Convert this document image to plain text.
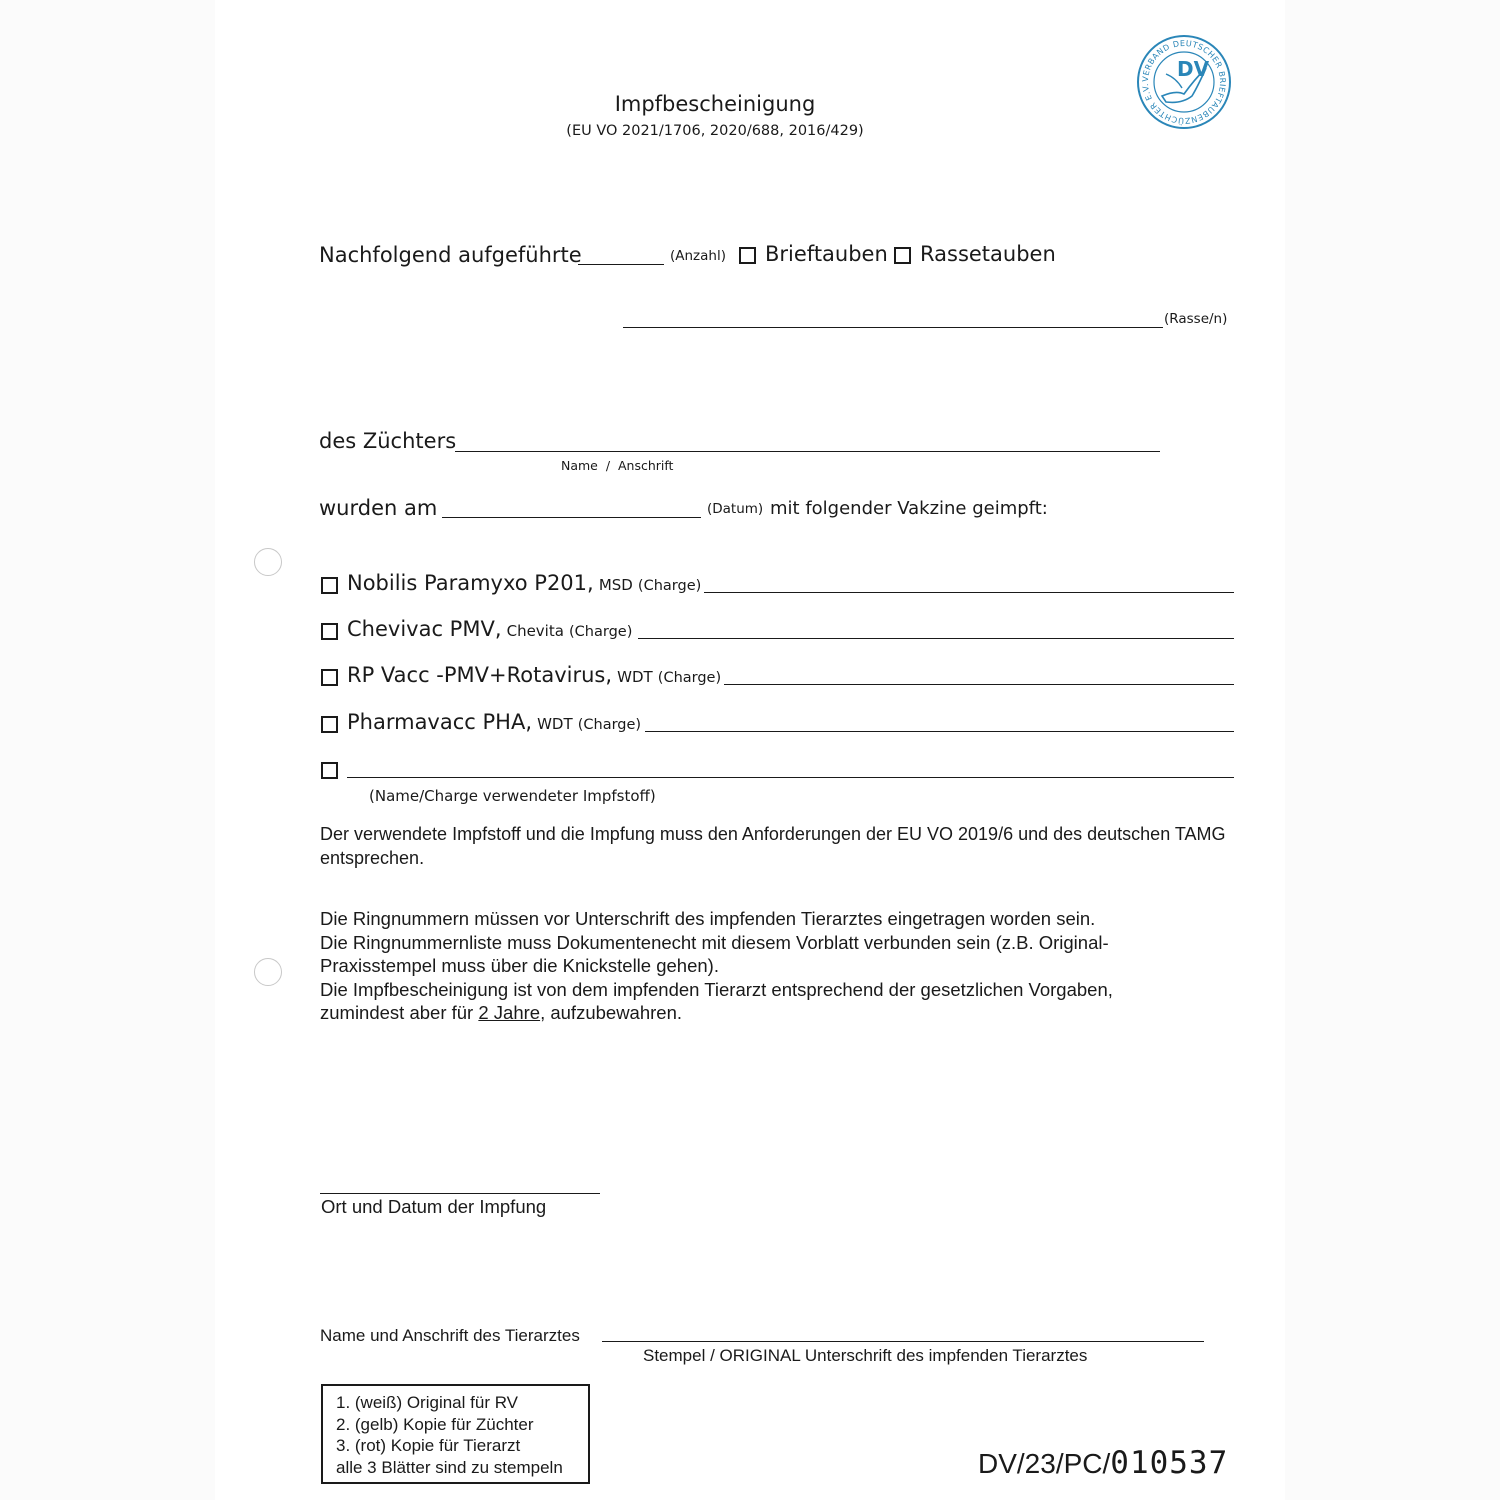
Impfbescheinigung
(EU VO 2021/1706, 2020/688, 2016/429)
VERBAND DEUTSCHER BRIEFTAUBENZÜCHTER E.V.
DV
Nachfolgend aufgeführte	(Anzahl) Brieftauben Rassetauben
(Rasse/n)
des Züchters
Name  /  Anschrift
wurden am	(Datum) mit folgender Vakzine geimpft:
Nobilis Paramyxo P201, MSD (Charge)
Chevivac PMV, Chevita (Charge)
RP Vacc -PMV+Rotavirus, WDT (Charge)
Pharmavacc PHA, WDT (Charge)
(Name/Charge verwendeter Impfstoff)
Der verwendete Impfstoff und die Impfung muss den Anforderungen der EU VO 2019/6 und des deutschen TAMG entsprechen.
Die Ringnummern müssen vor Unterschrift des impfenden Tierarztes eingetragen worden sein.
Die Ringnummernliste muss Dokumentenecht mit diesem Vorblatt verbunden sein (z.B. Original-Praxisstempel muss über die Knickstelle gehen).
Die Impfbescheinigung ist von dem impfenden Tierarzt entsprechend der gesetzlichen Vorgaben, zumindest aber für 2 Jahre, aufzubewahren.
Ort und Datum der Impfung
Name und Anschrift des Tierarztes
Stempel / ORIGINAL Unterschrift des impfenden Tierarztes
1. (weiß) Original für RV
2. (gelb) Kopie für Züchter
3. (rot) Kopie für Tierarzt
alle 3 Blätter sind zu stempeln	DV/23/PC/010537
